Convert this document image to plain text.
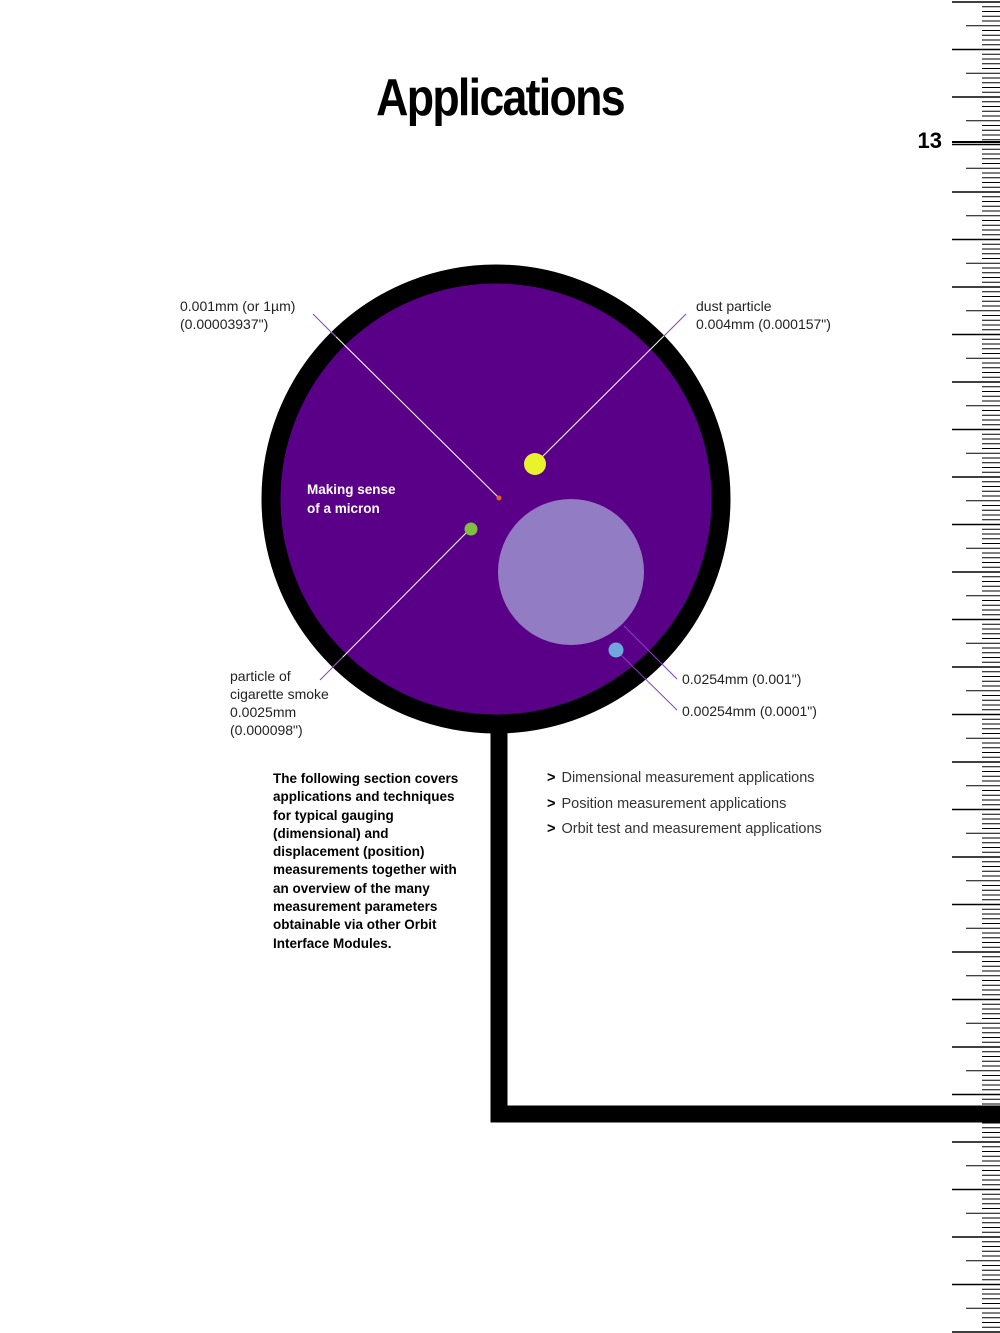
human hair 0.0762mm (0.003")
Applications
13
0.001mm (or 1µm)
(0.00003937")
dust particle
0.004mm (0.000157")
particle of
cigarette smoke
0.0025mm
(0.000098")
0.0254mm (0.001")
0.00254mm (0.0001")
Making sense
of a micron
The following section covers applications and techniques for typical gauging (dimensional) and displacement (position) measurements together with an overview of the many measurement parameters obtainable via other Orbit Interface Modules.
> Dimensional measurement applications
> Position measurement applications
> Orbit test and measurement applications
